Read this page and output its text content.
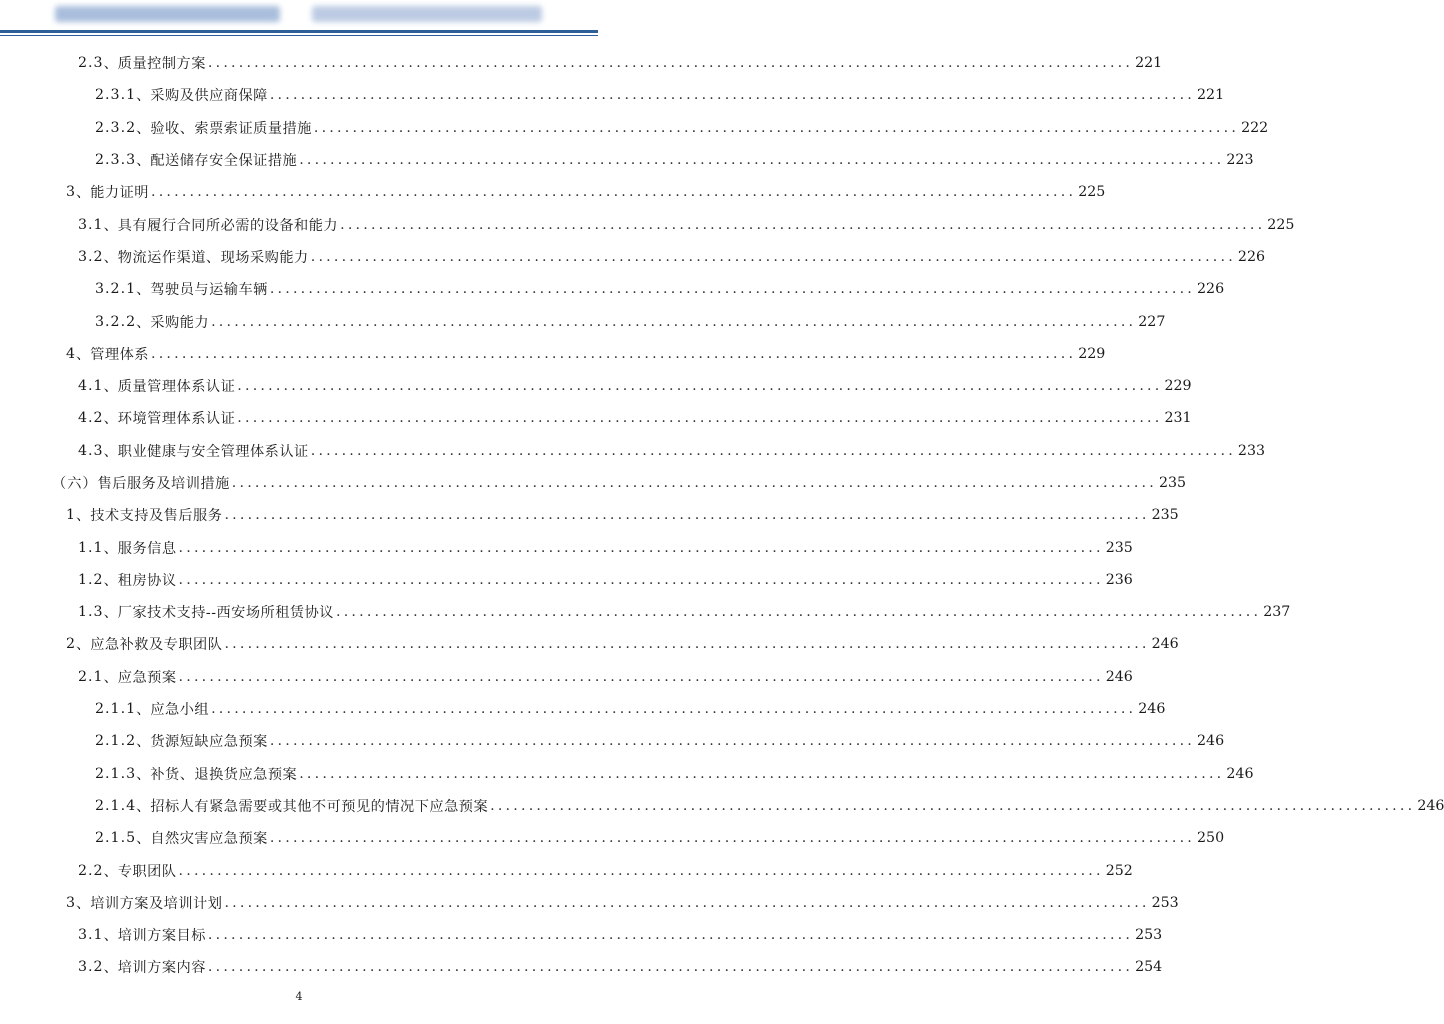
2.3 、 质量控制方案 ........................................................................................................................ 221
2.3.1 、 采购及供应商保障 ........................................................................................................................ 221
2.3.2 、 验收、索票索证质量措施 ........................................................................................................................ 222
2.3.3 、 配送储存安全保证措施 ........................................................................................................................ 223
3 、 能力证明 ........................................................................................................................ 225
3.1 、 具有履行合同所必需的设备和能力 ........................................................................................................................ 225
3.2 、 物流运作渠道、现场采购能力 ........................................................................................................................ 226
3.2.1 、 驾驶员与运输车辆 ........................................................................................................................ 226
3.2.2 、 采购能力 ........................................................................................................................ 227
4 、 管理体系 ........................................................................................................................ 229
4.1 、 质量管理体系认证 ........................................................................................................................ 229
4.2 、 环境管理体系认证 ........................................................................................................................ 231
4.3 、 职业健康与安全管理体系认证 ........................................................................................................................ 233
（六） 售后服务及培训措施 ........................................................................................................................ 235
1 、 技术支持及售后服务 ........................................................................................................................ 235
1.1 、 服务信息 ........................................................................................................................ 235
1.2 、 租房协议 ........................................................................................................................ 236
1.3 、 厂家技术支持--西安场所租赁协议 ........................................................................................................................ 237
2 、 应急补救及专职团队 ........................................................................................................................ 246
2.1 、 应急预案 ........................................................................................................................ 246
2.1.1 、 应急小组 ........................................................................................................................ 246
2.1.2 、 货源短缺应急预案 ........................................................................................................................ 246
2.1.3 、 补货、退换货应急预案 ........................................................................................................................ 246
2.1.4 、 招标人有紧急需要或其他不可预见的情况下应急预案 ........................................................................................................................ 246
2.1.5 、 自然灾害应急预案 ........................................................................................................................ 250
2.2 、 专职团队 ........................................................................................................................ 252
3 、 培训方案及培训计划 ........................................................................................................................ 253
3.1 、 培训方案目标 ........................................................................................................................ 253
3.2 、 培训方案内容 ........................................................................................................................ 254
4
